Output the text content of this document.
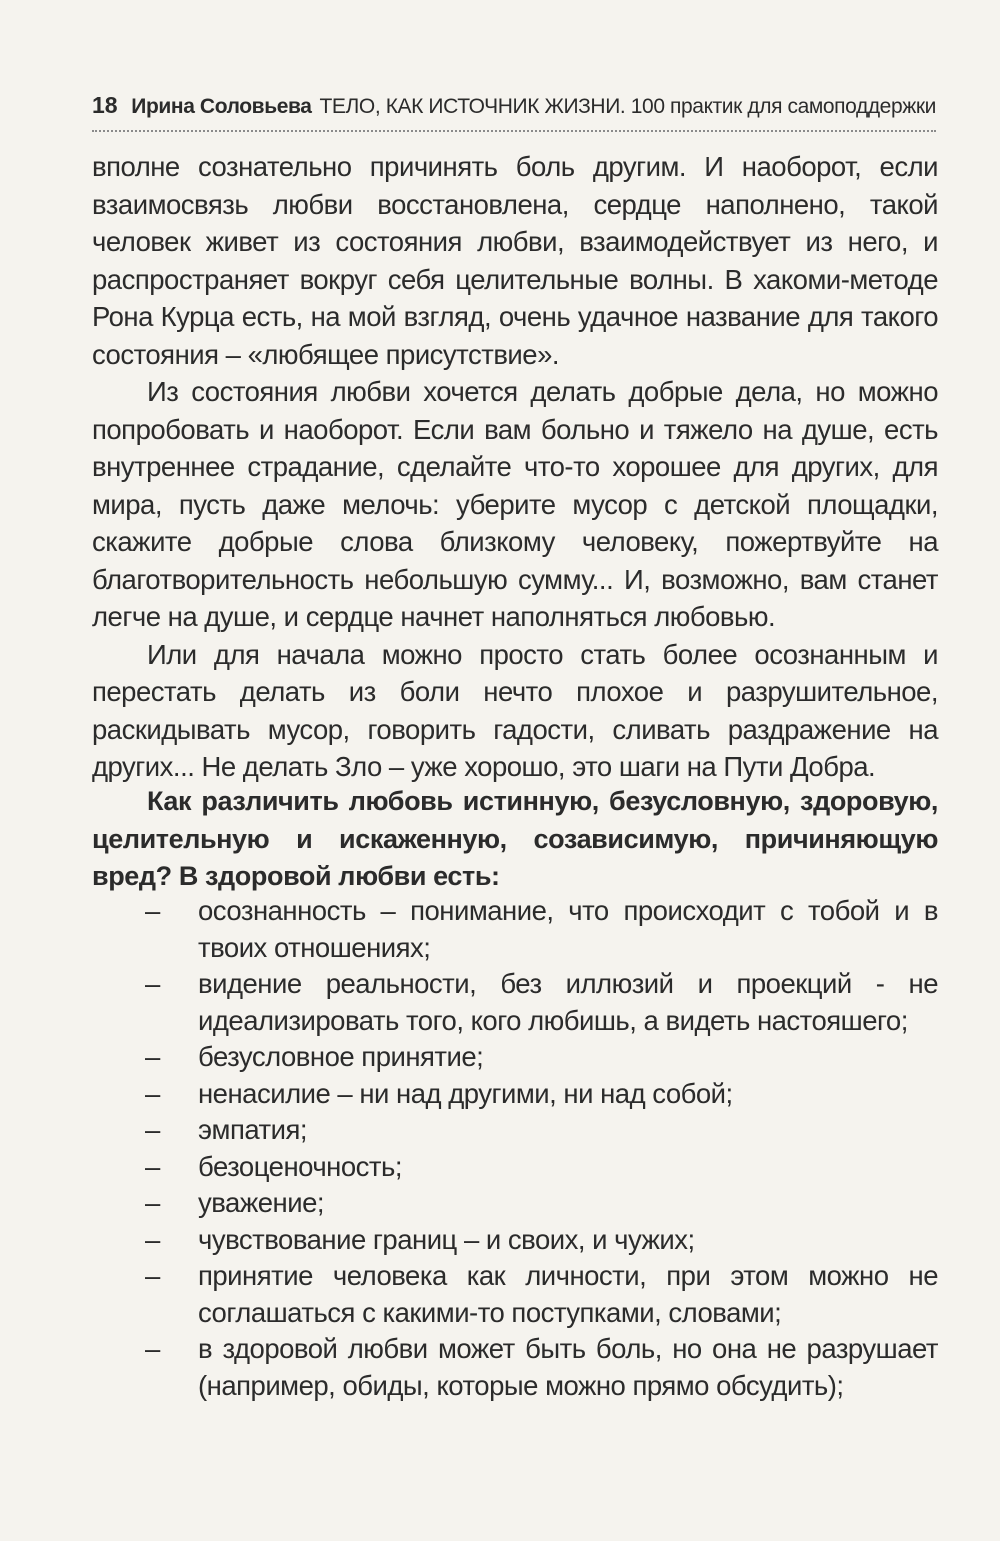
18 Ирина Соловьева ТЕЛО, КАК ИСТОЧНИК ЖИЗНИ. 100 практик для самоподдержки

вполне сознательно причинять боль другим. И наоборот, если взаимосвязь любви восстановлена, сердце наполнено, такой человек живет из состояния любви, взаимодействует из него, и распространяет вокруг себя целительные волны. В хакоми-методе Рона Курца есть, на мой взгляд, очень удачное название для такого состояния – «любящее присутствие».

Из состояния любви хочется делать добрые дела, но можно попробовать и наоборот. Если вам больно и тяжело на душе, есть внутреннее страдание, сделайте что-то хорошее для других, для мира, пусть даже мелочь: уберите мусор с детской площадки, скажите добрые слова близкому человеку, пожертвуйте на благотворительность небольшую сумму... И, возможно, вам станет легче на душе, и сердце начнет наполняться любовью.

Или для начала можно просто стать более осознанным и перестать делать из боли нечто плохое и разрушительное, раскидывать мусор, говорить гадости, сливать раздражение на других... Не делать Зло – уже хорошо, это шаги на Пути Добра.

Как различить любовь истинную, безусловную, здоровую, целительную и искаженную, созависимую, причиняющую вред? В здоровой любви есть:

–	осознанность – понимание, что происходит с тобой и в твоих отношениях;
–	видение реальности, без иллюзий и проекций - не идеализировать того, кого любишь, а видеть настояшего;
–	безусловное принятие;
–	ненасилие – ни над другими, ни над собой;
–	эмпатия;
–	безоценочность;
–	уважение;
–	чувствование границ – и своих, и чужих;
–	принятие человека как личности, при этом можно не соглашаться с какими-то поступками, словами;
–	в здоровой любви может быть боль, но она не разрушает (например, обиды, которые можно прямо обсудить);
